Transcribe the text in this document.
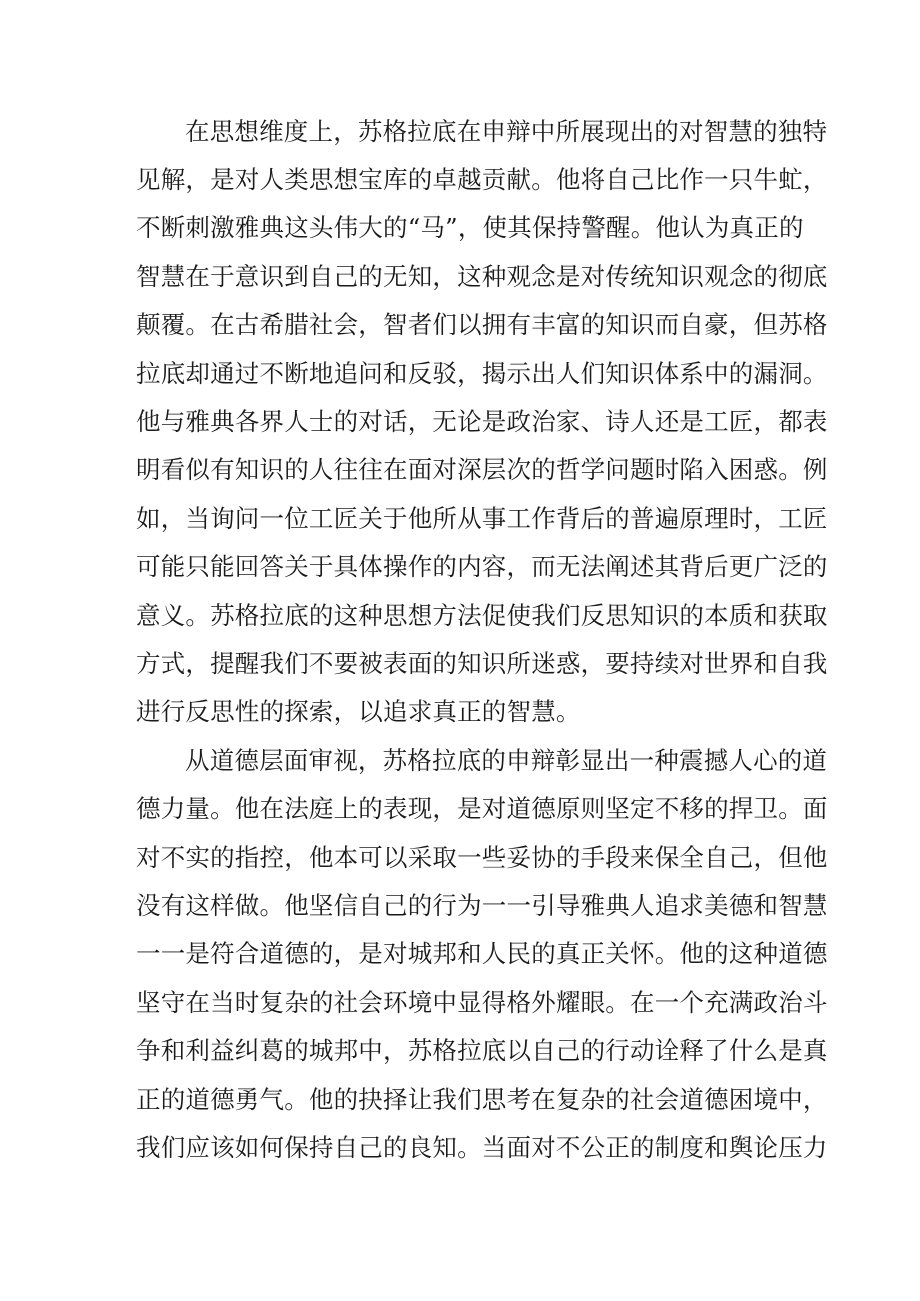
在思想维度上，苏格拉底在申辩中所展现出的对智慧的独特
见解，是对人类思想宝库的卓越贡献。他将自己比作一只牛虻，
不断刺激雅典这头伟大的“马”，使其保持警醒。他认为真正的
智慧在于意识到自己的无知，这种观念是对传统知识观念的彻底
颠覆。在古希腊社会，智者们以拥有丰富的知识而自豪，但苏格
拉底却通过不断地追问和反驳，揭示出人们知识体系中的漏洞。
他与雅典各界人士的对话，无论是政治家、诗人还是工匠，都表
明看似有知识的人往往在面对深层次的哲学问题时陷入困惑。例
如，当询问一位工匠关于他所从事工作背后的普遍原理时，工匠
可能只能回答关于具体操作的内容，而无法阐述其背后更广泛的
意义。苏格拉底的这种思想方法促使我们反思知识的本质和获取
方式，提醒我们不要被表面的知识所迷惑，要持续对世界和自我
进行反思性的探索，以追求真正的智慧。
从道德层面审视，苏格拉底的申辩彰显出一种震撼人心的道
德力量。他在法庭上的表现，是对道德原则坚定不移的捍卫。面
对不实的指控，他本可以采取一些妥协的手段来保全自己，但他
没有这样做。他坚信自己的行为一一引导雅典人追求美德和智慧
一一是符合道德的，是对城邦和人民的真正关怀。他的这种道德
坚守在当时复杂的社会环境中显得格外耀眼。在一个充满政治斗
争和利益纠葛的城邦中，苏格拉底以自己的行动诠释了什么是真
正的道德勇气。他的抉择让我们思考在复杂的社会道德困境中，
我们应该如何保持自己的良知。当面对不公正的制度和舆论压力
